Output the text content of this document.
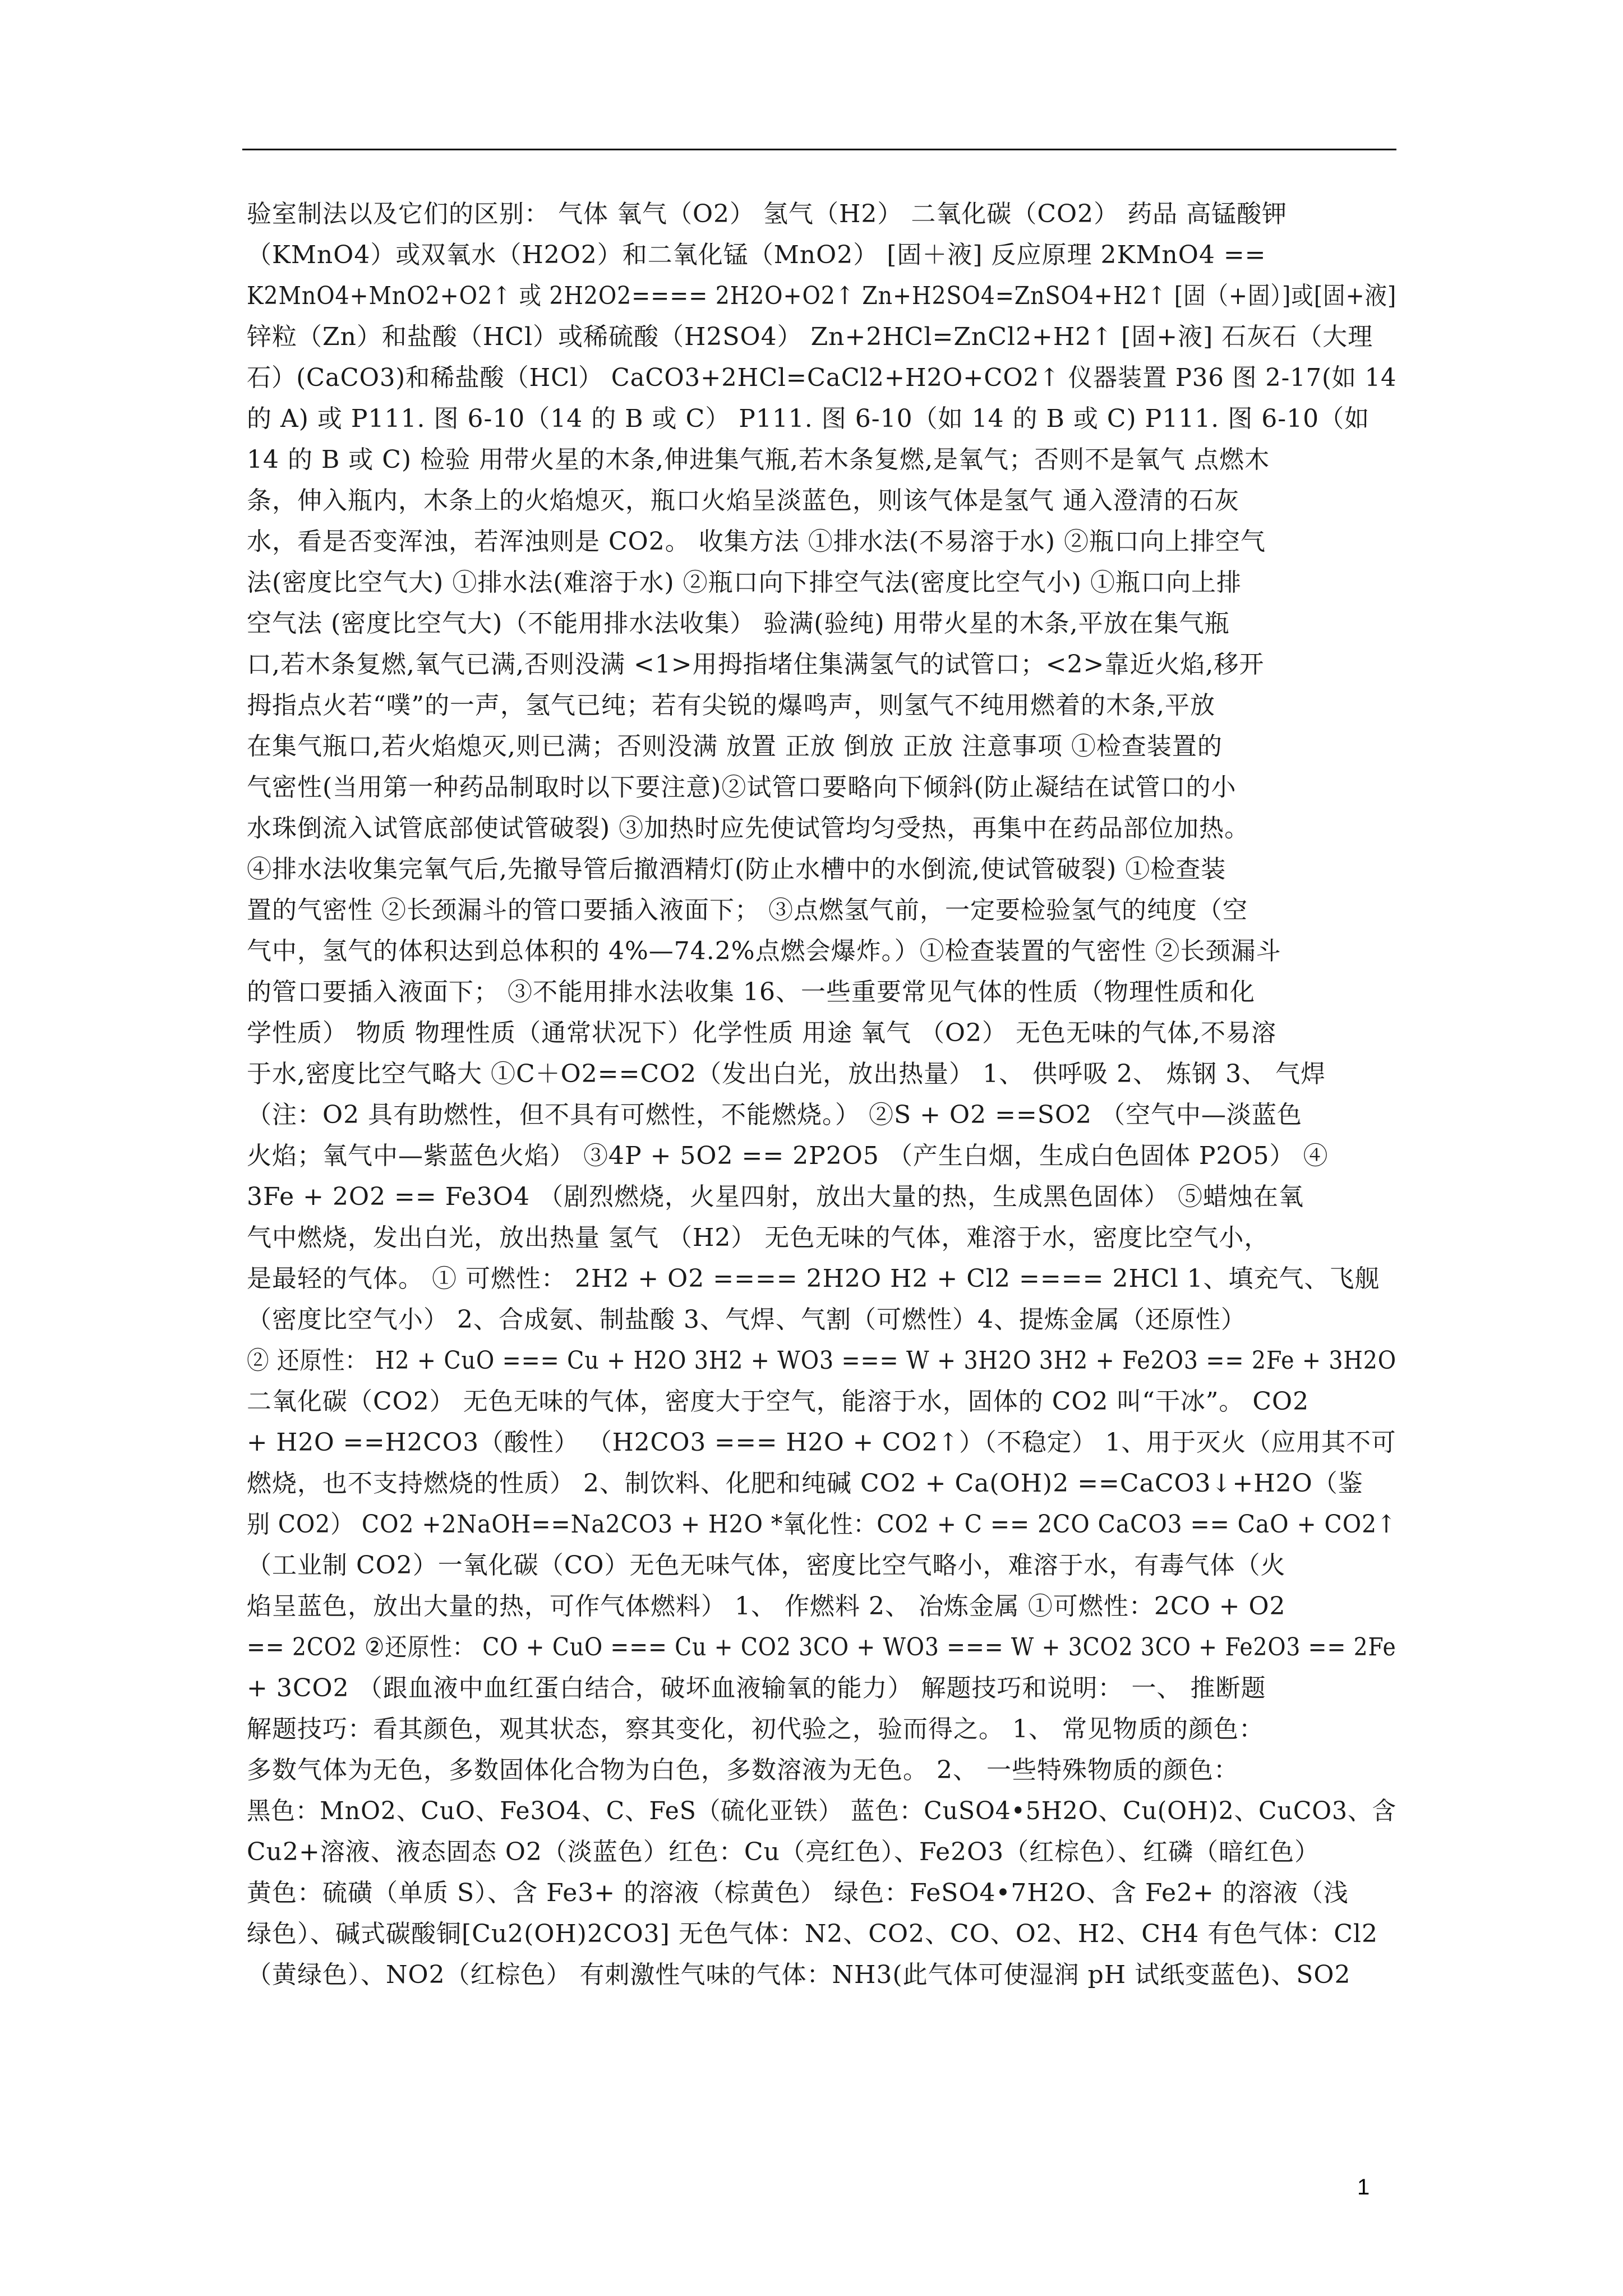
验室制法以及它们的区别： 气体 氧气（O2） 氢气（H2） 二氧化碳（CO2） 药品 高锰酸钾
（KMnO4）或双氧水（H2O2）和二氧化锰（MnO2） [固＋液] 反应原理 2KMnO4 ==
K2MnO4+MnO2+O2↑ 或 2H2O2==== 2H2O+O2↑ Zn+H2SO4=ZnSO4+H2↑ [固（+固）]或[固+液]
锌粒（Zn）和盐酸（HCl）或稀硫酸（H2SO4） Zn+2HCl=ZnCl2+H2↑ [固+液] 石灰石（大理
石）(CaCO3)和稀盐酸（HCl） CaCO3+2HCl=CaCl2+H2O+CO2↑ 仪器装置 P36 图 2-17(如 14
的 A) 或 P111. 图 6-10（14 的 B 或 C） P111. 图 6-10（如 14 的 B 或 C) P111. 图 6-10（如
14 的 B 或 C) 检验 用带火星的木条,伸进集气瓶,若木条复燃,是氧气；否则不是氧气 点燃木
条，伸入瓶内，木条上的火焰熄灭，瓶口火焰呈淡蓝色，则该气体是氢气 通入澄清的石灰
水，看是否变浑浊，若浑浊则是 CO2。 收集方法 ①排水法(不易溶于水) ②瓶口向上排空气
法(密度比空气大) ①排水法(难溶于水) ②瓶口向下排空气法(密度比空气小) ①瓶口向上排
空气法 (密度比空气大)（不能用排水法收集） 验满(验纯) 用带火星的木条,平放在集气瓶
口,若木条复燃,氧气已满,否则没满 <1>用拇指堵住集满氢气的试管口；<2>靠近火焰,移开
拇指点火若“噗”的一声，氢气已纯；若有尖锐的爆鸣声，则氢气不纯用燃着的木条,平放
在集气瓶口,若火焰熄灭,则已满；否则没满 放置 正放 倒放 正放 注意事项 ①检查装置的
气密性(当用第一种药品制取时以下要注意)②试管口要略向下倾斜(防止凝结在试管口的小
水珠倒流入试管底部使试管破裂) ③加热时应先使试管均匀受热，再集中在药品部位加热。
④排水法收集完氧气后,先撤导管后撤酒精灯(防止水槽中的水倒流,使试管破裂) ①检查装
置的气密性 ②长颈漏斗的管口要插入液面下； ③点燃氢气前，一定要检验氢气的纯度（空
气中，氢气的体积达到总体积的 4%—74.2%点燃会爆炸。）①检查装置的气密性 ②长颈漏斗
的管口要插入液面下； ③不能用排水法收集 16、一些重要常见气体的性质（物理性质和化
学性质） 物质 物理性质（通常状况下）化学性质 用途 氧气 （O2） 无色无味的气体,不易溶
于水,密度比空气略大 ①C＋O2==CO2（发出白光，放出热量） 1、 供呼吸 2、 炼钢 3、 气焊
（注：O2 具有助燃性，但不具有可燃性，不能燃烧。） ②S + O2 ==SO2 （空气中—淡蓝色
火焰；氧气中—紫蓝色火焰） ③4P + 5O2 == 2P2O5 （产生白烟，生成白色固体 P2O5） ④
3Fe + 2O2 == Fe3O4 （剧烈燃烧，火星四射，放出大量的热，生成黑色固体） ⑤蜡烛在氧
气中燃烧，发出白光，放出热量 氢气 （H2） 无色无味的气体，难溶于水，密度比空气小，
是最轻的气体。 ① 可燃性： 2H2 + O2 ==== 2H2O H2 + Cl2 ==== 2HCl 1、填充气、飞舰
（密度比空气小） 2、合成氨、制盐酸 3、气焊、气割（可燃性）4、提炼金属（还原性）
② 还原性： H2 + CuO === Cu + H2O 3H2 + WO3 === W + 3H2O 3H2 + Fe2O3 == 2Fe + 3H2O
二氧化碳（CO2） 无色无味的气体，密度大于空气，能溶于水，固体的 CO2 叫“干冰”。 CO2
+ H2O ==H2CO3（酸性） （H2CO3 === H2O + CO2↑）（不稳定） 1、用于灭火（应用其不可
燃烧，也不支持燃烧的性质） 2、制饮料、化肥和纯碱 CO2 + Ca(OH)2 ==CaCO3↓+H2O（鉴
别 CO2） CO2 +2NaOH==Na2CO3 + H2O *氧化性：CO2 + C == 2CO CaCO3 == CaO + CO2↑
（工业制 CO2）一氧化碳（CO）无色无味气体，密度比空气略小，难溶于水，有毒气体（火
焰呈蓝色，放出大量的热，可作气体燃料） 1、 作燃料 2、 冶炼金属 ①可燃性：2CO + O2
== 2CO2 ②还原性： CO + CuO === Cu + CO2 3CO + WO3 === W + 3CO2 3CO + Fe2O3 == 2Fe
+ 3CO2 （跟血液中血红蛋白结合，破坏血液输氧的能力） 解题技巧和说明： 一、 推断题
解题技巧：看其颜色，观其状态，察其变化，初代验之，验而得之。 1、 常见物质的颜色：
多数气体为无色，多数固体化合物为白色，多数溶液为无色。 2、 一些特殊物质的颜色：
黑色：MnO2、CuO、Fe3O4、C、FeS（硫化亚铁） 蓝色：CuSO4•5H2O、Cu(OH)2、CuCO3、含
Cu2+溶液、液态固态 O2（淡蓝色）红色：Cu（亮红色）、Fe2O3（红棕色）、红磷（暗红色）
黄色：硫磺（单质 S）、含 Fe3+ 的溶液（棕黄色） 绿色：FeSO4•7H2O、含 Fe2+ 的溶液（浅
绿色）、碱式碳酸铜[Cu2(OH)2CO3] 无色气体：N2、CO2、CO、O2、H2、CH4 有色气体：Cl2
（黄绿色）、NO2（红棕色） 有刺激性气味的气体：NH3(此气体可使湿润 pH 试纸变蓝色)、SO2
1
